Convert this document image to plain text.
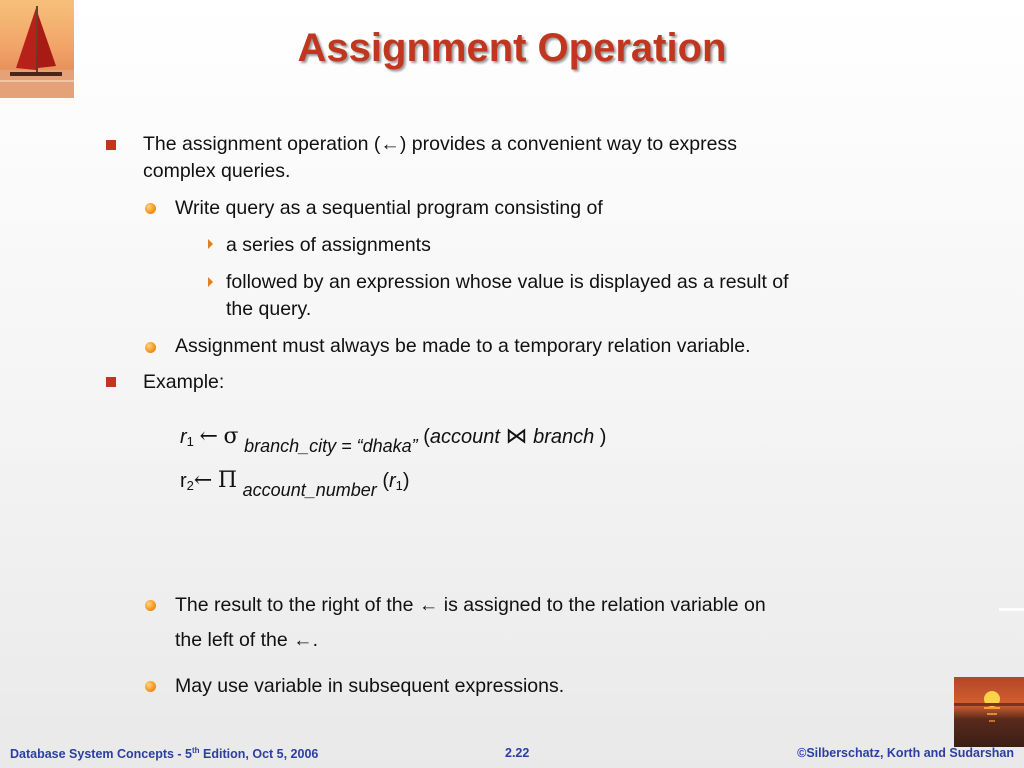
Assignment Operation
The assignment operation (←) provides a convenient way to express
complex queries.
Write query as a sequential program consisting of
a series of assignments
followed by an expression whose value is displayed as a result of
the query.
Assignment must always be made to a temporary relation variable.
Example:
$r_1$ ← σ branch_city = “dhaka” (account ⋈ branch )
$r_2\leftarrow$ Π account_number $(r_1)$
The result to the right of the ← is assigned to the relation variable on
the left of the ←.
May use variable in subsequent expressions.
Database System Concepts - 5th Edition, Oct 5, 2006	2.22	©Silberschatz, Korth and Sudarshan
